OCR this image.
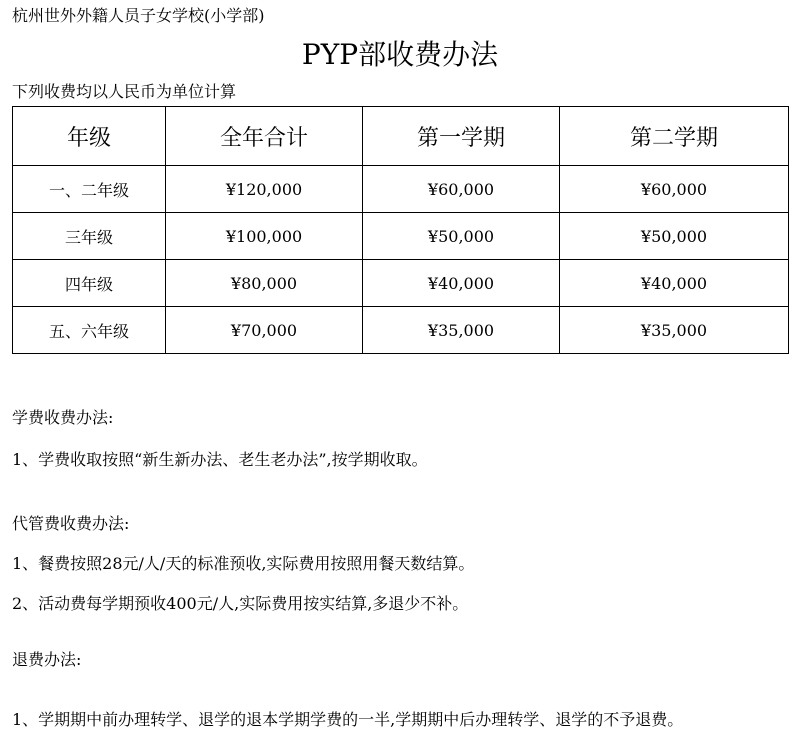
杭州世外外籍人员子女学校(小学部)
PYP部收费办法
下列收费均以人民币为单位计算
年级	全年合计	第一学期	第二学期
一、二年级	¥120,000	¥60,000	¥60,000
三年级	¥100,000	¥50,000	¥50,000
四年级	¥80,000	¥40,000	¥40,000
五、六年级	¥70,000	¥35,000	¥35,000
学费收费办法:
1、学费收取按照“新生新办法、老生老办法”,按学期收取。
代管费收费办法:
1、餐费按照28元/人/天的标准预收,实际费用按照用餐天数结算。
2、活动费每学期预收400元/人,实际费用按实结算,多退少不补。
退费办法:
1、学期期中前办理转学、退学的退本学期学费的一半,学期期中后办理转学、退学的不予退费。
